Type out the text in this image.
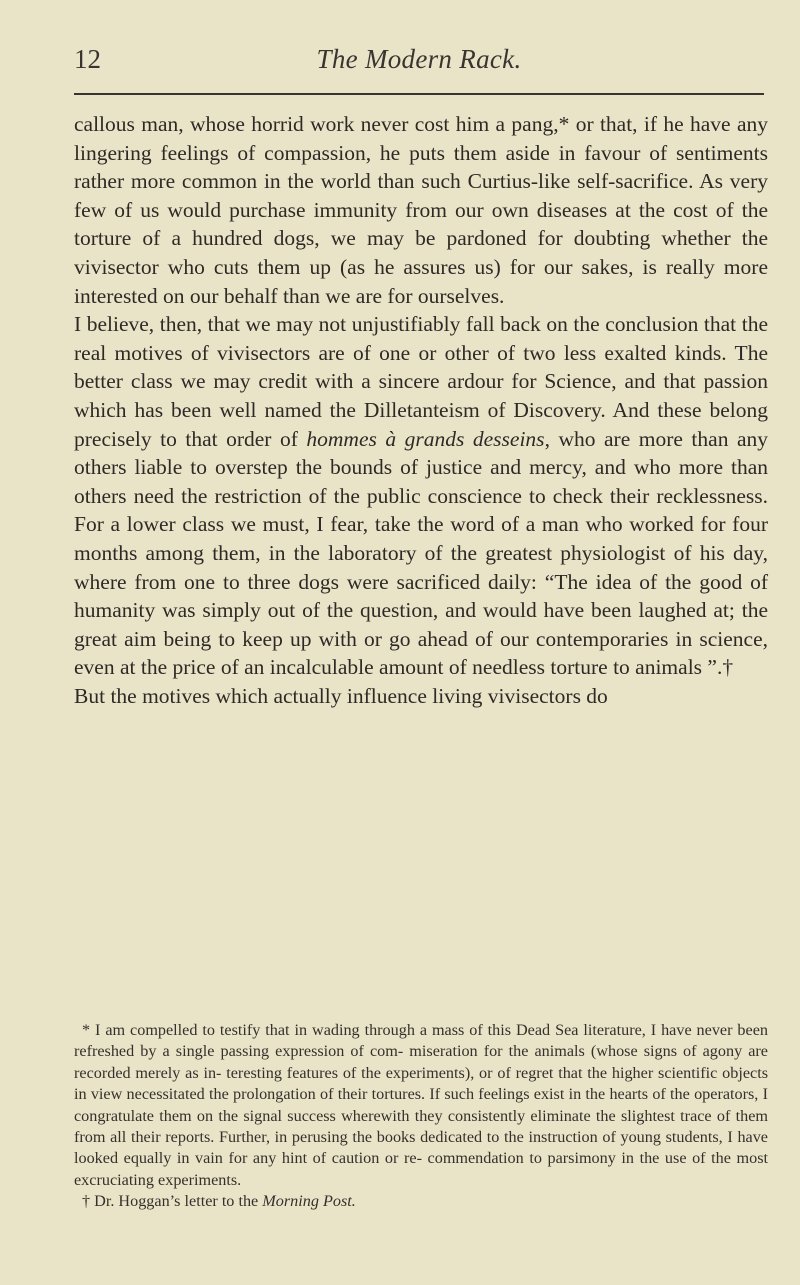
12	The Modern Rack.

callous man, whose horrid work never cost him a pang,* or that, if he have any lingering feelings of compassion, he puts them aside in favour of sentiments rather more common in the world than such Curtius-like self-sacrifice. As very few of us would purchase immunity from our own diseases at the cost of the torture of a hundred dogs, we may be pardoned for doubting whether the vivisector who cuts them up (as he assures us) for our sakes, is really more interested on our behalf than we are for ourselves.

I believe, then, that we may not unjustifiably fall back on the conclusion that the real motives of vivisectors are of one or other of two less exalted kinds. The better class we may credit with a sincere ardour for Science, and that passion which has been well named the Dilletanteism of Discovery. And these belong precisely to that order of hommes à grands desseins, who are more than any others liable to overstep the bounds of justice and mercy, and who more than others need the restriction of the public conscience to check their recklessness. For a lower class we must, I fear, take the word of a man who worked for four months among them, in the laboratory of the greatest physiologist of his day, where from one to three dogs were sacrificed daily: “The idea of the good of humanity was simply out of the question, and would have been laughed at; the great aim being to keep up with or go ahead of our contemporaries in science, even at the price of an incalculable amount of needless torture to animals ”.†

But the motives which actually influence living vivisectors do

* I am compelled to testify that in wading through a mass of this Dead Sea literature, I have never been refreshed by a single passing expression of com- miseration for the animals (whose signs of agony are recorded merely as in- teresting features of the experiments), or of regret that the higher scientific objects in view necessitated the prolongation of their tortures. If such feelings exist in the hearts of the operators, I congratulate them on the signal success wherewith they consistently eliminate the slightest trace of them from all their reports. Further, in perusing the books dedicated to the instruction of young students, I have looked equally in vain for any hint of caution or re- commendation to parsimony in the use of the most excruciating experiments.

† Dr. Hoggan’s letter to the Morning Post.
